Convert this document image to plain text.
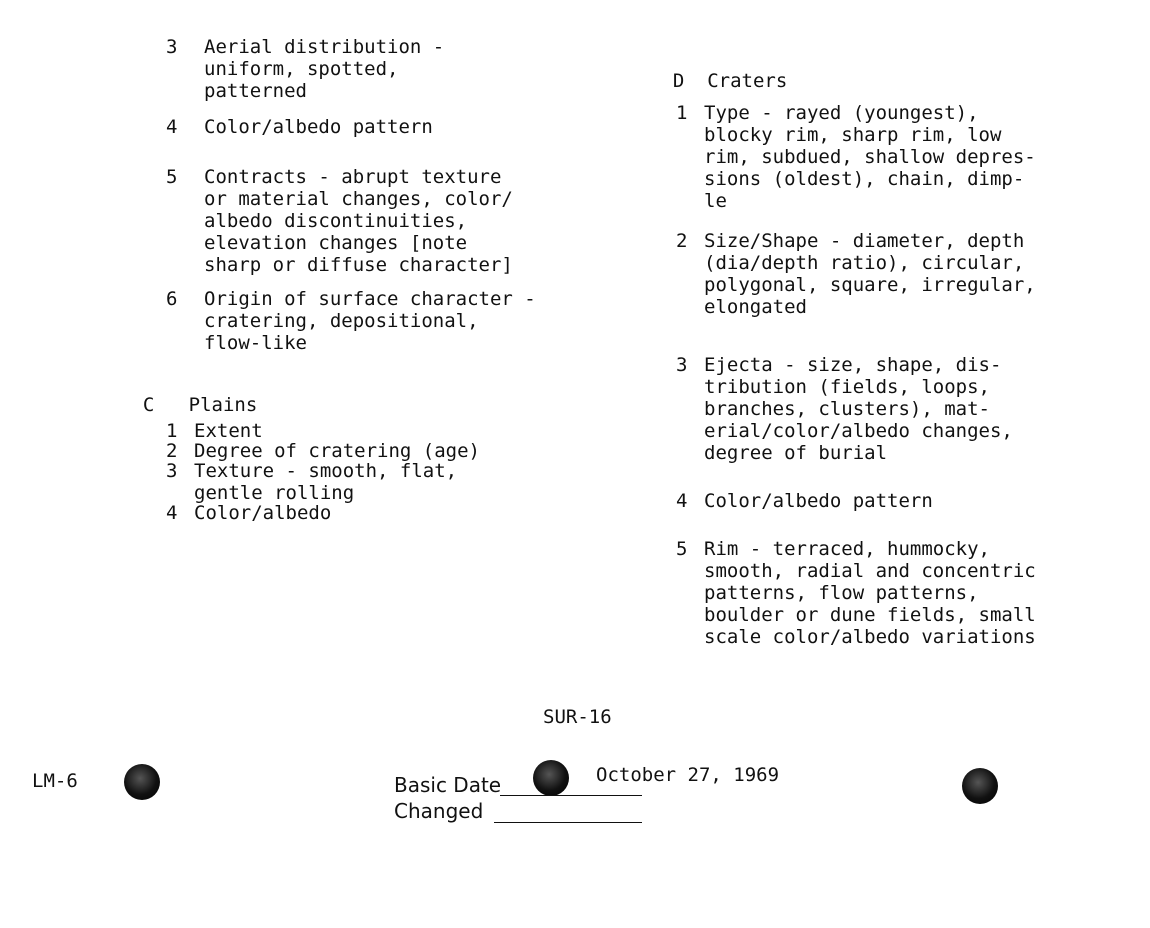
3 Aerial distribution -
uniform, spotted,
patterned
4 Color/albedo pattern
5 Contracts - abrupt texture
or material changes, color/
albedo discontinuities,
elevation changes [note
sharp or diffuse character]
6 Origin of surface character -
cratering, depositional,
flow-like

C Plains

1 Extent
2 Degree of cratering (age)
3 Texture - smooth, flat,
gentle rolling
4 Color/albedo

D Craters

1 Type - rayed (youngest),
blocky rim, sharp rim, low
rim, subdued, shallow depres-
sions (oldest), chain, dimp-
le
2 Size/Shape - diameter, depth
(dia/depth ratio), circular,
polygonal, square, irregular,
elongated
3 Ejecta - size, shape, dis-
tribution (fields, loops,
branches, clusters), mat-
erial/color/albedo changes,
degree of burial
4 Color/albedo pattern
5 Rim - terraced, hummocky,
smooth, radial and concentric
patterns, flow patterns,
boulder or dune fields, small
scale color/albedo variations
SUR-16
LM-6	Basic Date	October 27, 1969
Changed
